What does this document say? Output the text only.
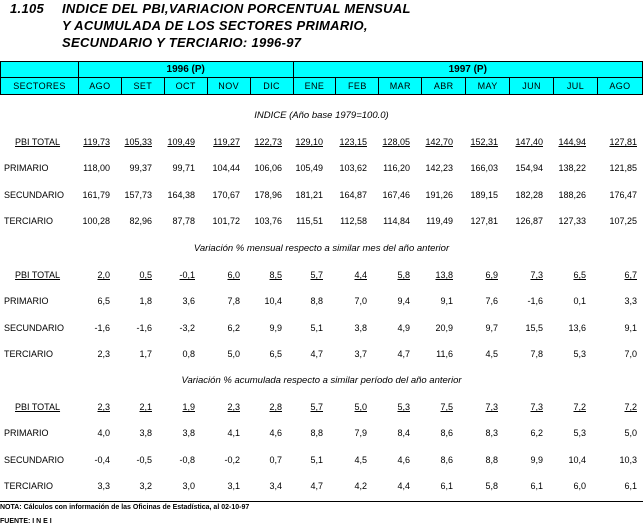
1.105 INDICE DEL PBI,VARIACION PORCENTUAL MENSUAL
Y ACUMULADA DE LOS SECTORES PRIMARIO,
SECUNDARIO Y TERCIARIO: 1996-97
	1996 (P)					1997 (P)							
SECTORES	AGO	SET	OCT	NOV	DIC	ENE	FEB	MAR	ABR	MAY	JUN	JUL	AGO
INDICE (Año base 1979=100.0)
PBI TOTAL	119,73	105,33	109,49	119,27	122,73	129,10	123,15	128,05	142,70	152,31	147,40	144,94	127,81
PRIMARIO	118,00	99,37	99,71	104,44	106,06	105,49	103,62	116,20	142,23	166,03	154,94	138,22	121,85
SECUNDARIO	161,79	157,73	164,38	170,67	178,96	181,21	164,87	167,46	191,26	189,15	182,28	188,26	176,47
TERCIARIO	100,28	82,96	87,78	101,72	103,76	115,51	112,58	114,84	119,49	127,81	126,87	127,33	107,25
Variación % mensual respecto a similar mes del año anterior
PBI TOTAL	2,0	0,5	-0,1	6,0	8,5	5,7	4,4	5,8	13,8	6,9	7,3	6,5	6,7
PRIMARIO	6,5	1,8	3,6	7,8	10,4	8,8	7,0	9,4	9,1	7,6	-1,6	0,1	3,3
SECUNDARIO	-1,6	-1,6	-3,2	6,2	9,9	5,1	3,8	4,9	20,9	9,7	15,5	13,6	9,1
TERCIARIO	2,3	1,7	0,8	5,0	6,5	4,7	3,7	4,7	11,6	4,5	7,8	5,3	7,0
Variación % acumulada respecto a similar período del año anterior
PBI TOTAL	2,3	2,1	1,9	2,3	2,8	5,7	5,0	5,3	7,5	7,3	7,3	7,2	7,2
PRIMARIO	4,0	3,8	3,8	4,1	4,6	8,8	7,9	8,4	8,6	8,3	6,2	5,3	5,0
SECUNDARIO	-0,4	-0,5	-0,8	-0,2	0,7	5,1	4,5	4,6	8,6	8,8	9,9	10,4	10,3
TERCIARIO	3,3	3,2	3,0	3,1	3,4	4,7	4,2	4,4	6,1	5,8	6,1	6,0	6,1
NOTA: Cálculos con información de las Oficinas de Estadística, al 02-10-97
FUENTE: I N E I
